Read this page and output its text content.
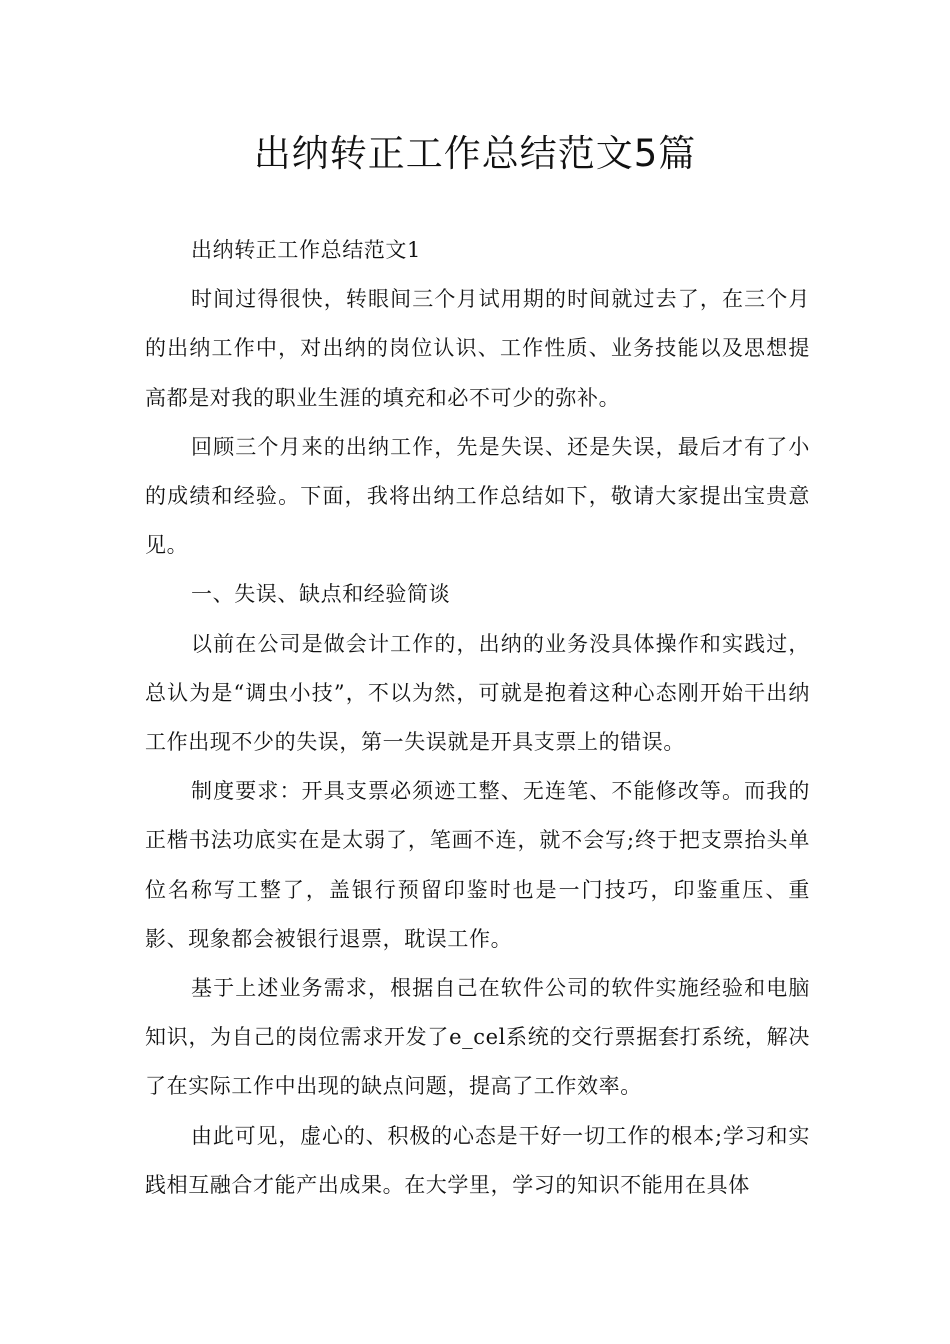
出纳转正工作总结范文5篇

出纳转正工作总结范文1

时间过得很快，转眼间三个月试用期的时间就过去了，在三个月的出纳工作中，对出纳的岗位认识、工作性质、业务技能以及思想提高都是对我的职业生涯的填充和必不可少的弥补。

回顾三个月来的出纳工作，先是失误、还是失误，最后才有了小的成绩和经验。下面，我将出纳工作总结如下，敬请大家提出宝贵意见。

一、失误、缺点和经验简谈

以前在公司是做会计工作的，出纳的业务没具体操作和实践过，总认为是“调虫小技”，不以为然，可就是抱着这种心态刚开始干出纳工作出现不少的失误，第一失误就是开具支票上的错误。

制度要求：开具支票必须迹工整、无连笔、不能修改等。而我的正楷书法功底实在是太弱了，笔画不连，就不会写;终于把支票抬头单位名称写工整了，盖银行预留印鉴时也是一门技巧，印鉴重压、重影、现象都会被银行退票，耽误工作。

基于上述业务需求，根据自己在软件公司的软件实施经验和电脑知识，为自己的岗位需求开发了e_cel系统的交行票据套打系统，解决了在实际工作中出现的缺点问题，提高了工作效率。

由此可见，虚心的、积极的心态是干好一切工作的根本;学习和实践相互融合才能产出成果。在大学里，学习的知识不能用在具体
